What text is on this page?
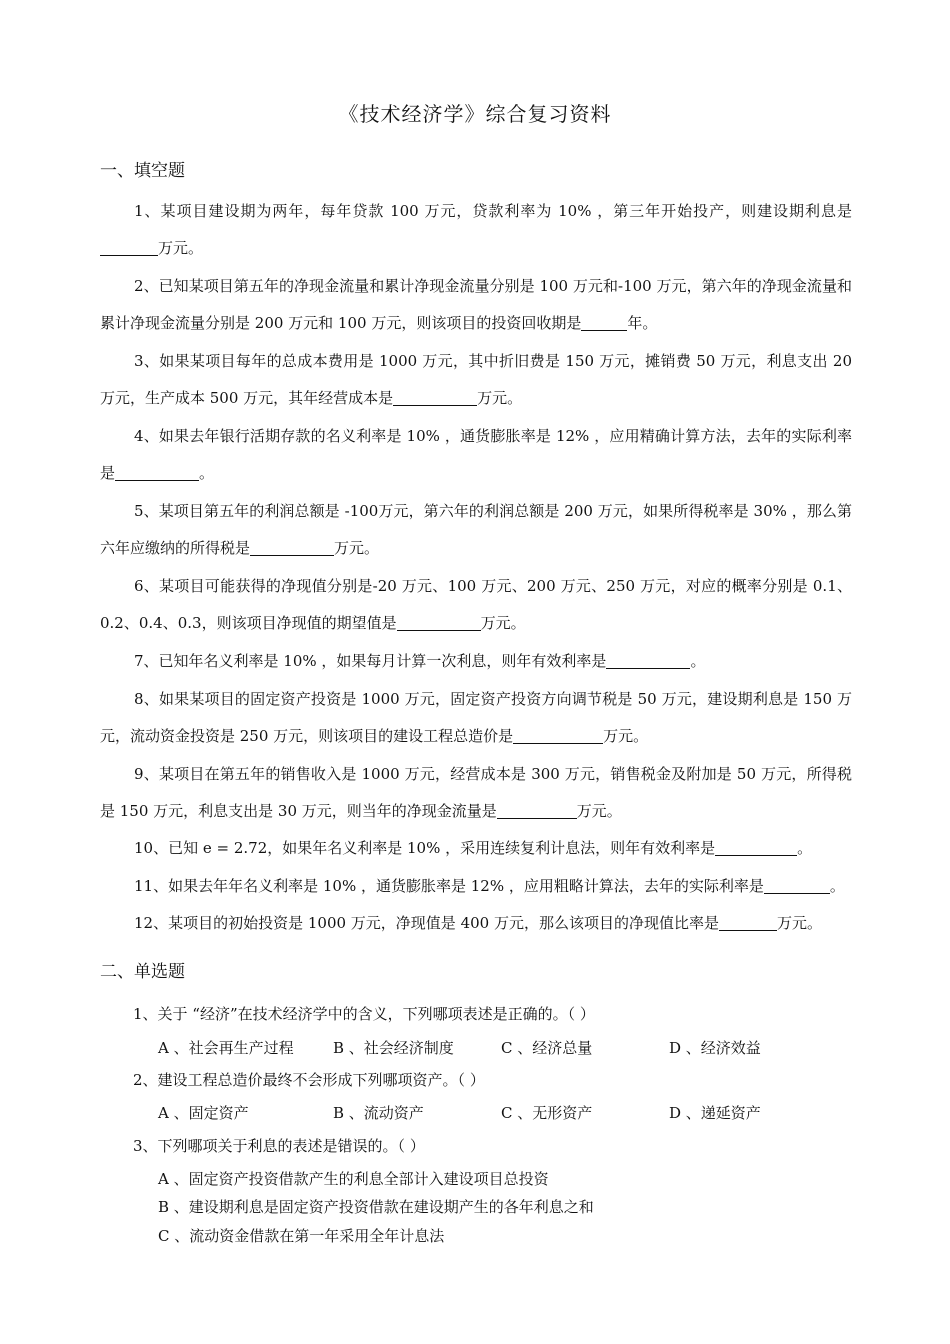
《技术经济学》综合复习资料
一、填空题

1、某项目建设期为两年，每年贷款 100 万元，贷款利率为 10% ，第三年开始投产，则建设期利息是万元。

2、已知某项目第五年的净现金流量和累计净现金流量分别是 100 万元和-100 万元，第六年的净现金流量和累计净现金流量分别是 200 万元和 100 万元，则该项目的投资回收期是	年。

3、如果某项目每年的总成本费用是 1000 万元，其中折旧费是 150 万元，摊销费 50 万元，利息支出 20 万元，生产成本 500 万元，其年经营成本是	万元。

4、如果去年银行活期存款的名义利率是 10% ，通货膨胀率是 12% ，应用精确计算方法，去年的实际利率是	。

5、某项目第五年的利润总额是 -100万元，第六年的利润总额是 200 万元，如果所得税率是 30% ，那么第六年应缴纳的所得税是	万元。

6、某项目可能获得的净现值分别是-20 万元、100 万元、200 万元、250 万元，对应的概率分别是 0.1、0.2、0.4、0.3，则该项目净现值的期望值是	万元。

7、已知年名义利率是 10% ，如果每月计算一次利息，则年有效利率是	。

8、如果某项目的固定资产投资是 1000 万元，固定资产投资方向调节税是 50 万元，建设期利息是 150 万元，流动资金投资是 250 万元，则该项目的建设工程总造价是	万元。

9、某项目在第五年的销售收入是 1000 万元，经营成本是 300 万元，销售税金及附加是 50 万元，所得税是 150 万元，利息支出是 30 万元，则当年的净现金流量是	万元。

10、已知 e = 2.72，如果年名义利率是 10% ，采用连续复利计息法，则年有效利率是	。

11、如果去年年名义利率是 10% ，通货膨胀率是 12% ，应用粗略计算法，去年的实际利率是	。

12、某项目的初始投资是 1000 万元，净现值是 400 万元，那么该项目的净现值比率是	万元。

二、单选题
1、关于 “经济”在技术经济学中的含义，下列哪项表述是正确的。（ ）
A 、社会再生产过程	B 、社会经济制度	C 、经济总量	D 、经济效益
2、建设工程总造价最终不会形成下列哪项资产。（ ）
A 、固定资产	B 、流动资产	C 、无形资产	D 、递延资产
3、下列哪项关于利息的表述是错误的。（ ）
A 、固定资产投资借款产生的利息全部计入建设项目总投资
B 、建设期利息是固定资产投资借款在建设期产生的各年利息之和
C 、流动资金借款在第一年采用全年计息法
